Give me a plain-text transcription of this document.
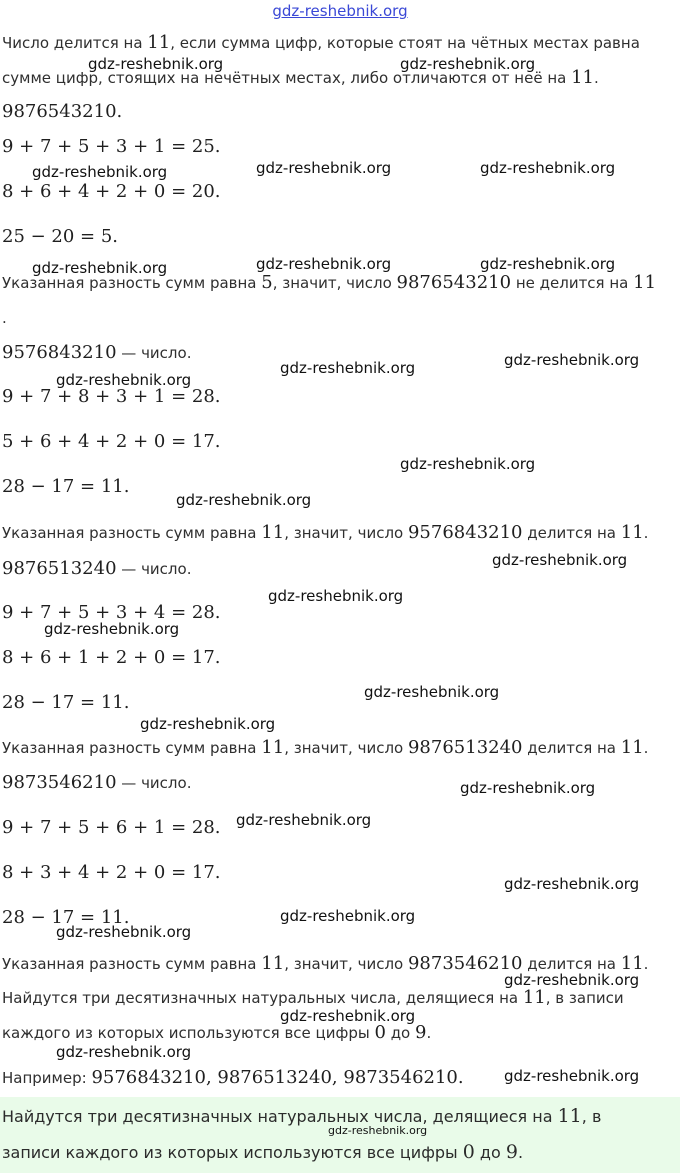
gdz-reshebnik.org

Число делится на 11, если сумма цифр, которые стоят на чётных местах равна

сумме цифр, стоящих на нечётных местах, либо отличаются от неё на 11.

9876543210.

9 + 7 + 5 + 3 + 1 = 25.

8 + 6 + 4 + 2 + 0 = 20.

25 − 20 = 5.

Указанная разность сумм равна 5, значит, число 9876543210 не делится на 11

.

9576843210 — число.

9 + 7 + 8 + 3 + 1 = 28.

5 + 6 + 4 + 2 + 0 = 17.

28 − 17 = 11.

Указанная разность сумм равна 11, значит, число 9576843210 делится на 11.

9876513240 — число.

9 + 7 + 5 + 3 + 4 = 28.

8 + 6 + 1 + 2 + 0 = 17.

28 − 17 = 11.

Указанная разность сумм равна 11, значит, число 9876513240 делится на 11.

9873546210 — число.

9 + 7 + 5 + 6 + 1 = 28.

8 + 3 + 4 + 2 + 0 = 17.

28 − 17 = 11.

Указанная разность сумм равна 11, значит, число 9873546210 делится на 11.

Найдутся три десятизначных натуральных числа, делящиеся на 11, в записи

каждого из которых используются все цифры 0 до 9.

Например: 9576843210, 9876513240, 9873546210.

Найдутся три десятизначных натуральных числа, делящиеся на 11, в

записи каждого из которых используются все цифры 0 до 9.

gdz-reshebnik.org
gdz-reshebnik.org	gdz-reshebnik.org
gdz-reshebnik.org	gdz-reshebnik.org	gdz-reshebnik.org
gdz-reshebnik.org	gdz-reshebnik.org	gdz-reshebnik.org
gdz-reshebnik.org	gdz-reshebnik.org
gdz-reshebnik.org
gdz-reshebnik.org
gdz-reshebnik.org
gdz-reshebnik.org
gdz-reshebnik.org
gdz-reshebnik.org
gdz-reshebnik.org
gdz-reshebnik.org
gdz-reshebnik.org
gdz-reshebnik.org
gdz-reshebnik.org
gdz-reshebnik.org
gdz-reshebnik.org
gdz-reshebnik.org
gdz-reshebnik.org
gdz-reshebnik.org
gdz-reshebnik.org
